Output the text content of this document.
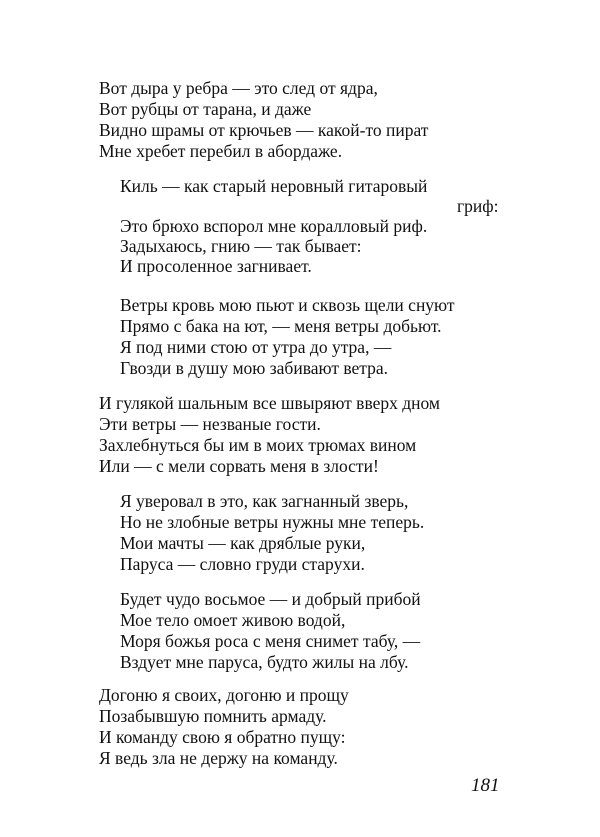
Вот дыра у ребра — это след от ядра,
Вот рубцы от тарана, и даже
Видно шрамы от крючьев — какой-то пират
Мне хребет перебил в абордаже.
Киль — как старый неровный гитаровый
гриф:
Это брюхо вспорол мне коралловый риф.
Задыхаюсь, гнию — так бывает:
И просоленное загнивает.
Ветры кровь мою пьют и сквозь щели снуют
Прямо с бака на ют, — меня ветры добьют.
Я под ними стою от утра до утра, —
Гвозди в душу мою забивают ветра.
И гулякой шальным все швыряют вверх дном
Эти ветры — незваные гости.
Захлебнуться бы им в моих трюмах вином
Или — с мели сорвать меня в злости!
Я уверовал в это, как загнанный зверь,
Но не злобные ветры нужны мне теперь.
Мои мачты — как дряблые руки,
Паруса — словно груди старухи.
Будет чудо восьмое — и добрый прибой
Мое тело омоет живою водой,
Моря божья роса с меня снимет табу, —
Вздует мне паруса, будто жилы на лбу.
Догоню я своих, догоню и прощу
Позабывшую помнить армаду.
И команду свою я обратно пущу:
Я ведь зла не держу на команду.
181
